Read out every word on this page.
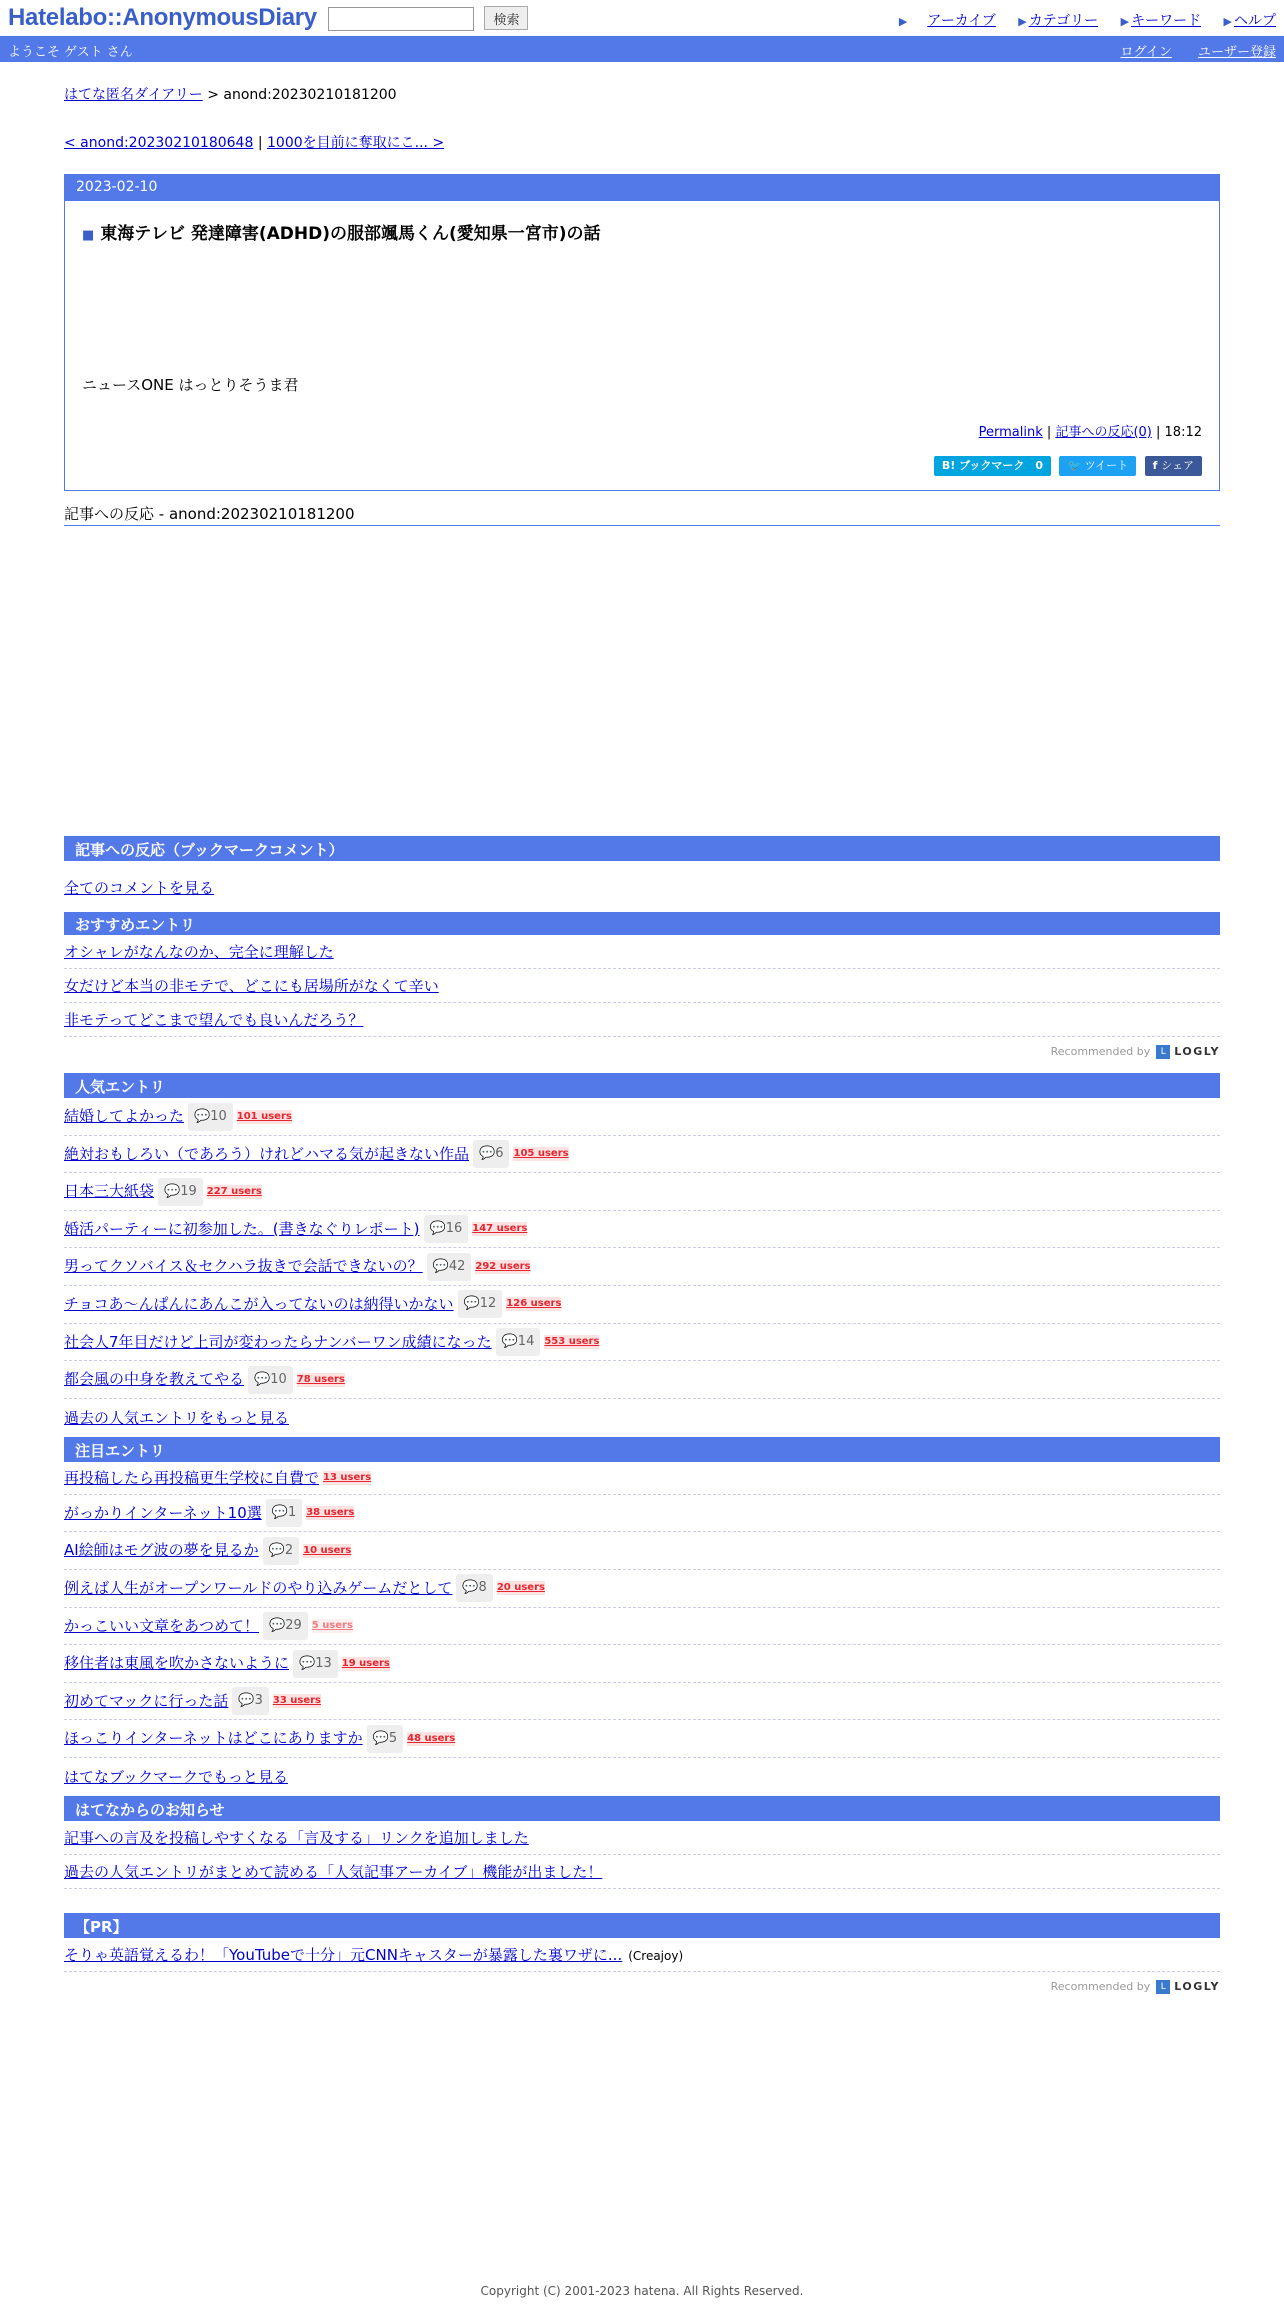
Hatelabo::AnonymousDiary	検索	▶ アーカイブ ▶ カテゴリー ▶ キーワード ▶ ヘルプ
ようこそ ゲスト さん	ログイン ユーザー登録
はてな匿名ダイアリー > anond:20230210181200
< anond:20230210180648 | 1000を目前に奪取にこ... >
2023-02-10
■ 東海テレビ 発達障害(ADHD)の服部颯馬くん(愛知県一宮市)の話
ニュースONE はっとりそうま君
Permalink | 記事への反応(0) | 18:12
B! ブックマーク　0 🐦 ツイート f シェア
記事への反応 - anond:20230210181200
記事への反応（ブックマークコメント）
全てのコメントを見る
おすすめエントリ
オシャレがなんなのか、完全に理解した
女だけど本当の非モテで、どこにも居場所がなくて辛い
非モテってどこまで望んでも良いんだろう？
Recommended by L LOGLY
人気エントリ
結婚してよかった 💬10 101 users
絶対おもしろい（であろう）けれどハマる気が起きない作品 💬6 105 users
日本三大紙袋 💬19 227 users
婚活パーティーに初参加した。(書きなぐりレポート) 💬16 147 users
男ってクソバイス＆セクハラ抜きで会話できないの？ 💬42 292 users
チョコあ〜んぱんにあんこが入ってないのは納得いかない 💬12 126 users
社会人7年目だけど上司が変わったらナンバーワン成績になった 💬14 553 users
都会風の中身を教えてやる 💬10 78 users
過去の人気エントリをもっと見る
注目エントリ
再投稿したら再投稿更生学校に自費で 13 users
がっかりインターネット10選 💬1 38 users
AI絵師はモグ波の夢を見るか 💬2 10 users
例えば人生がオープンワールドのやり込みゲームだとして 💬8 20 users
かっこいい文章をあつめて！ 💬29 5 users
移住者は東風を吹かさないように 💬13 19 users
初めてマックに行った話 💬3 33 users
ほっこりインターネットはどこにありますか 💬5 48 users
はてなブックマークでもっと見る
はてなからのお知らせ
記事への言及を投稿しやすくなる「言及する」リンクを追加しました
過去の人気エントリがまとめて読める「人気記事アーカイブ」機能が出ました！
【PR】
そりゃ英語覚えるわ！「YouTubeで十分」元CNNキャスターが暴露した裏ワザに... (Creajoy)
Recommended by L LOGLY
Copyright (C) 2001-2023 hatena. All Rights Reserved.
